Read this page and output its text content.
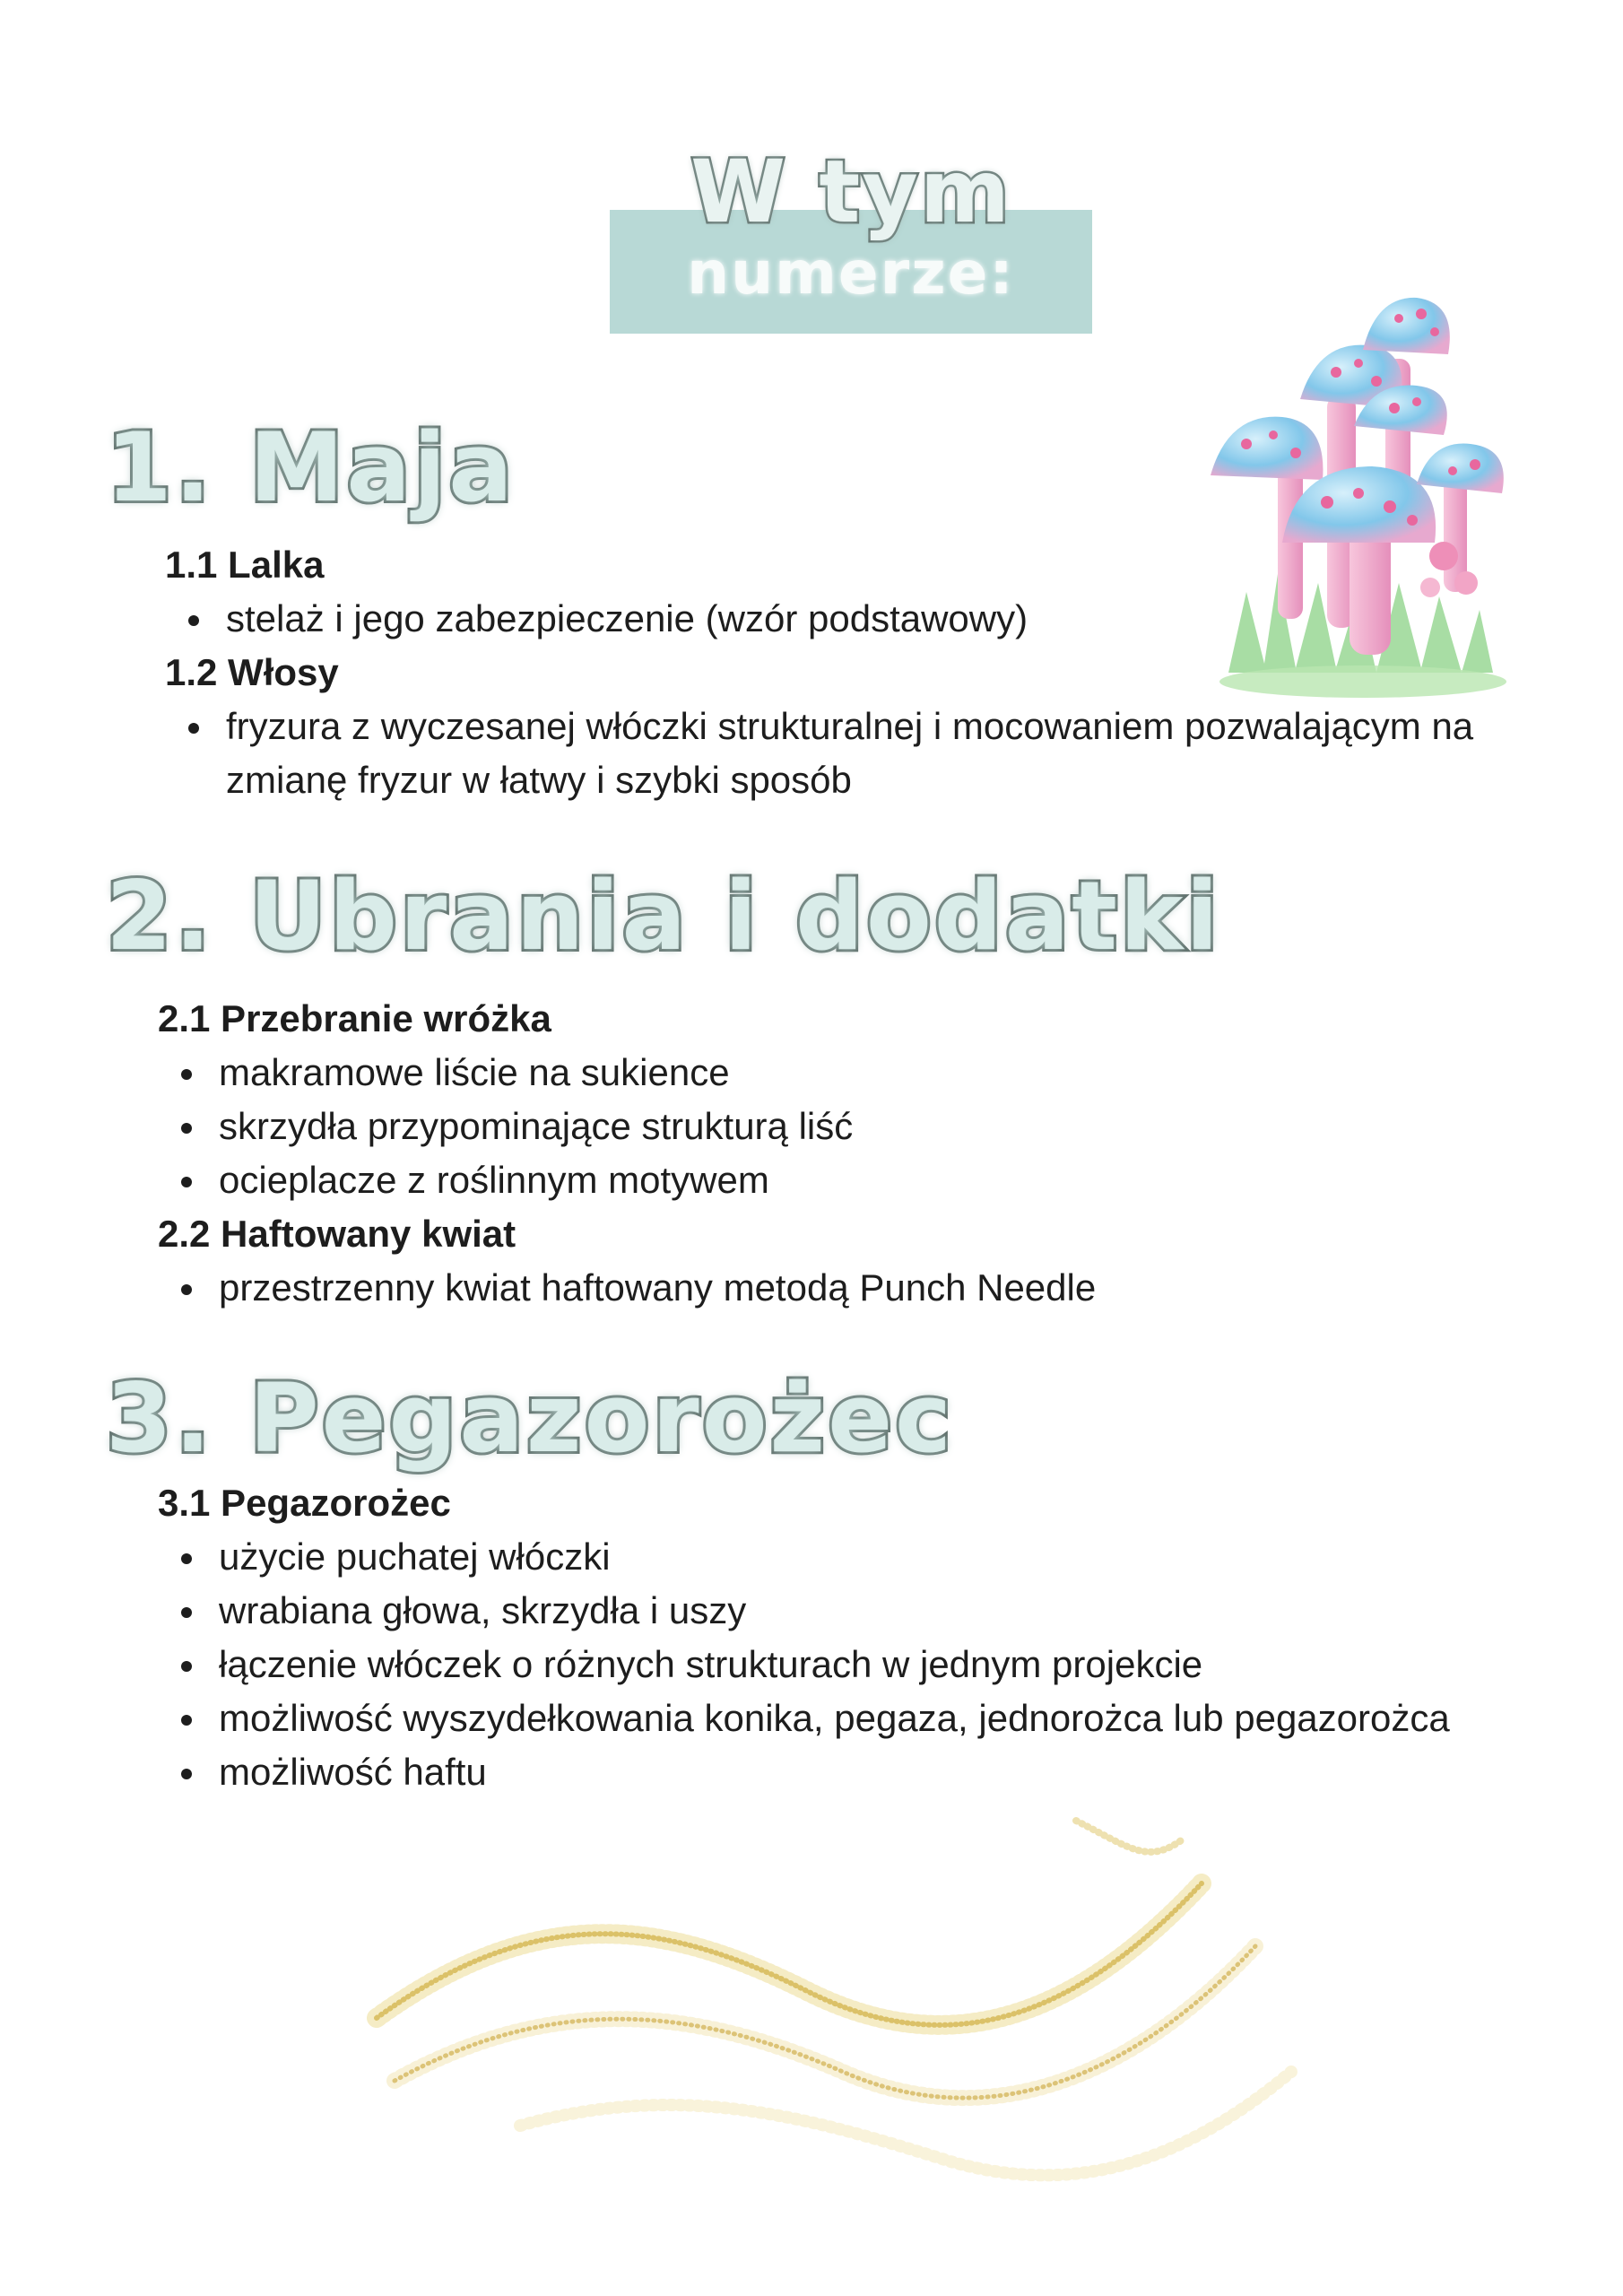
W tym
numerze:
1. Maja
1.1 Lalka
stelaż i jego zabezpieczenie (wzór podstawowy)
1.2 Włosy
fryzura z wyczesanej włóczki strukturalnej i mocowaniem pozwalającym na zmianę fryzur w łatwy i szybki sposób
2. Ubrania i dodatki
2.1 Przebranie wróżka
makramowe liście na sukience
skrzydła przypominające strukturą liść
ocieplacze z roślinnym motywem
2.2 Haftowany kwiat
przestrzenny kwiat haftowany metodą Punch Needle
3. Pegazorożec
3.1 Pegazorożec
użycie puchatej włóczki
wrabiana głowa, skrzydła i uszy
łączenie włóczek o różnych strukturach w jednym projekcie
możliwość wyszydełkowania konika, pegaza, jednorożca lub pegazorożca
możliwość haftu
